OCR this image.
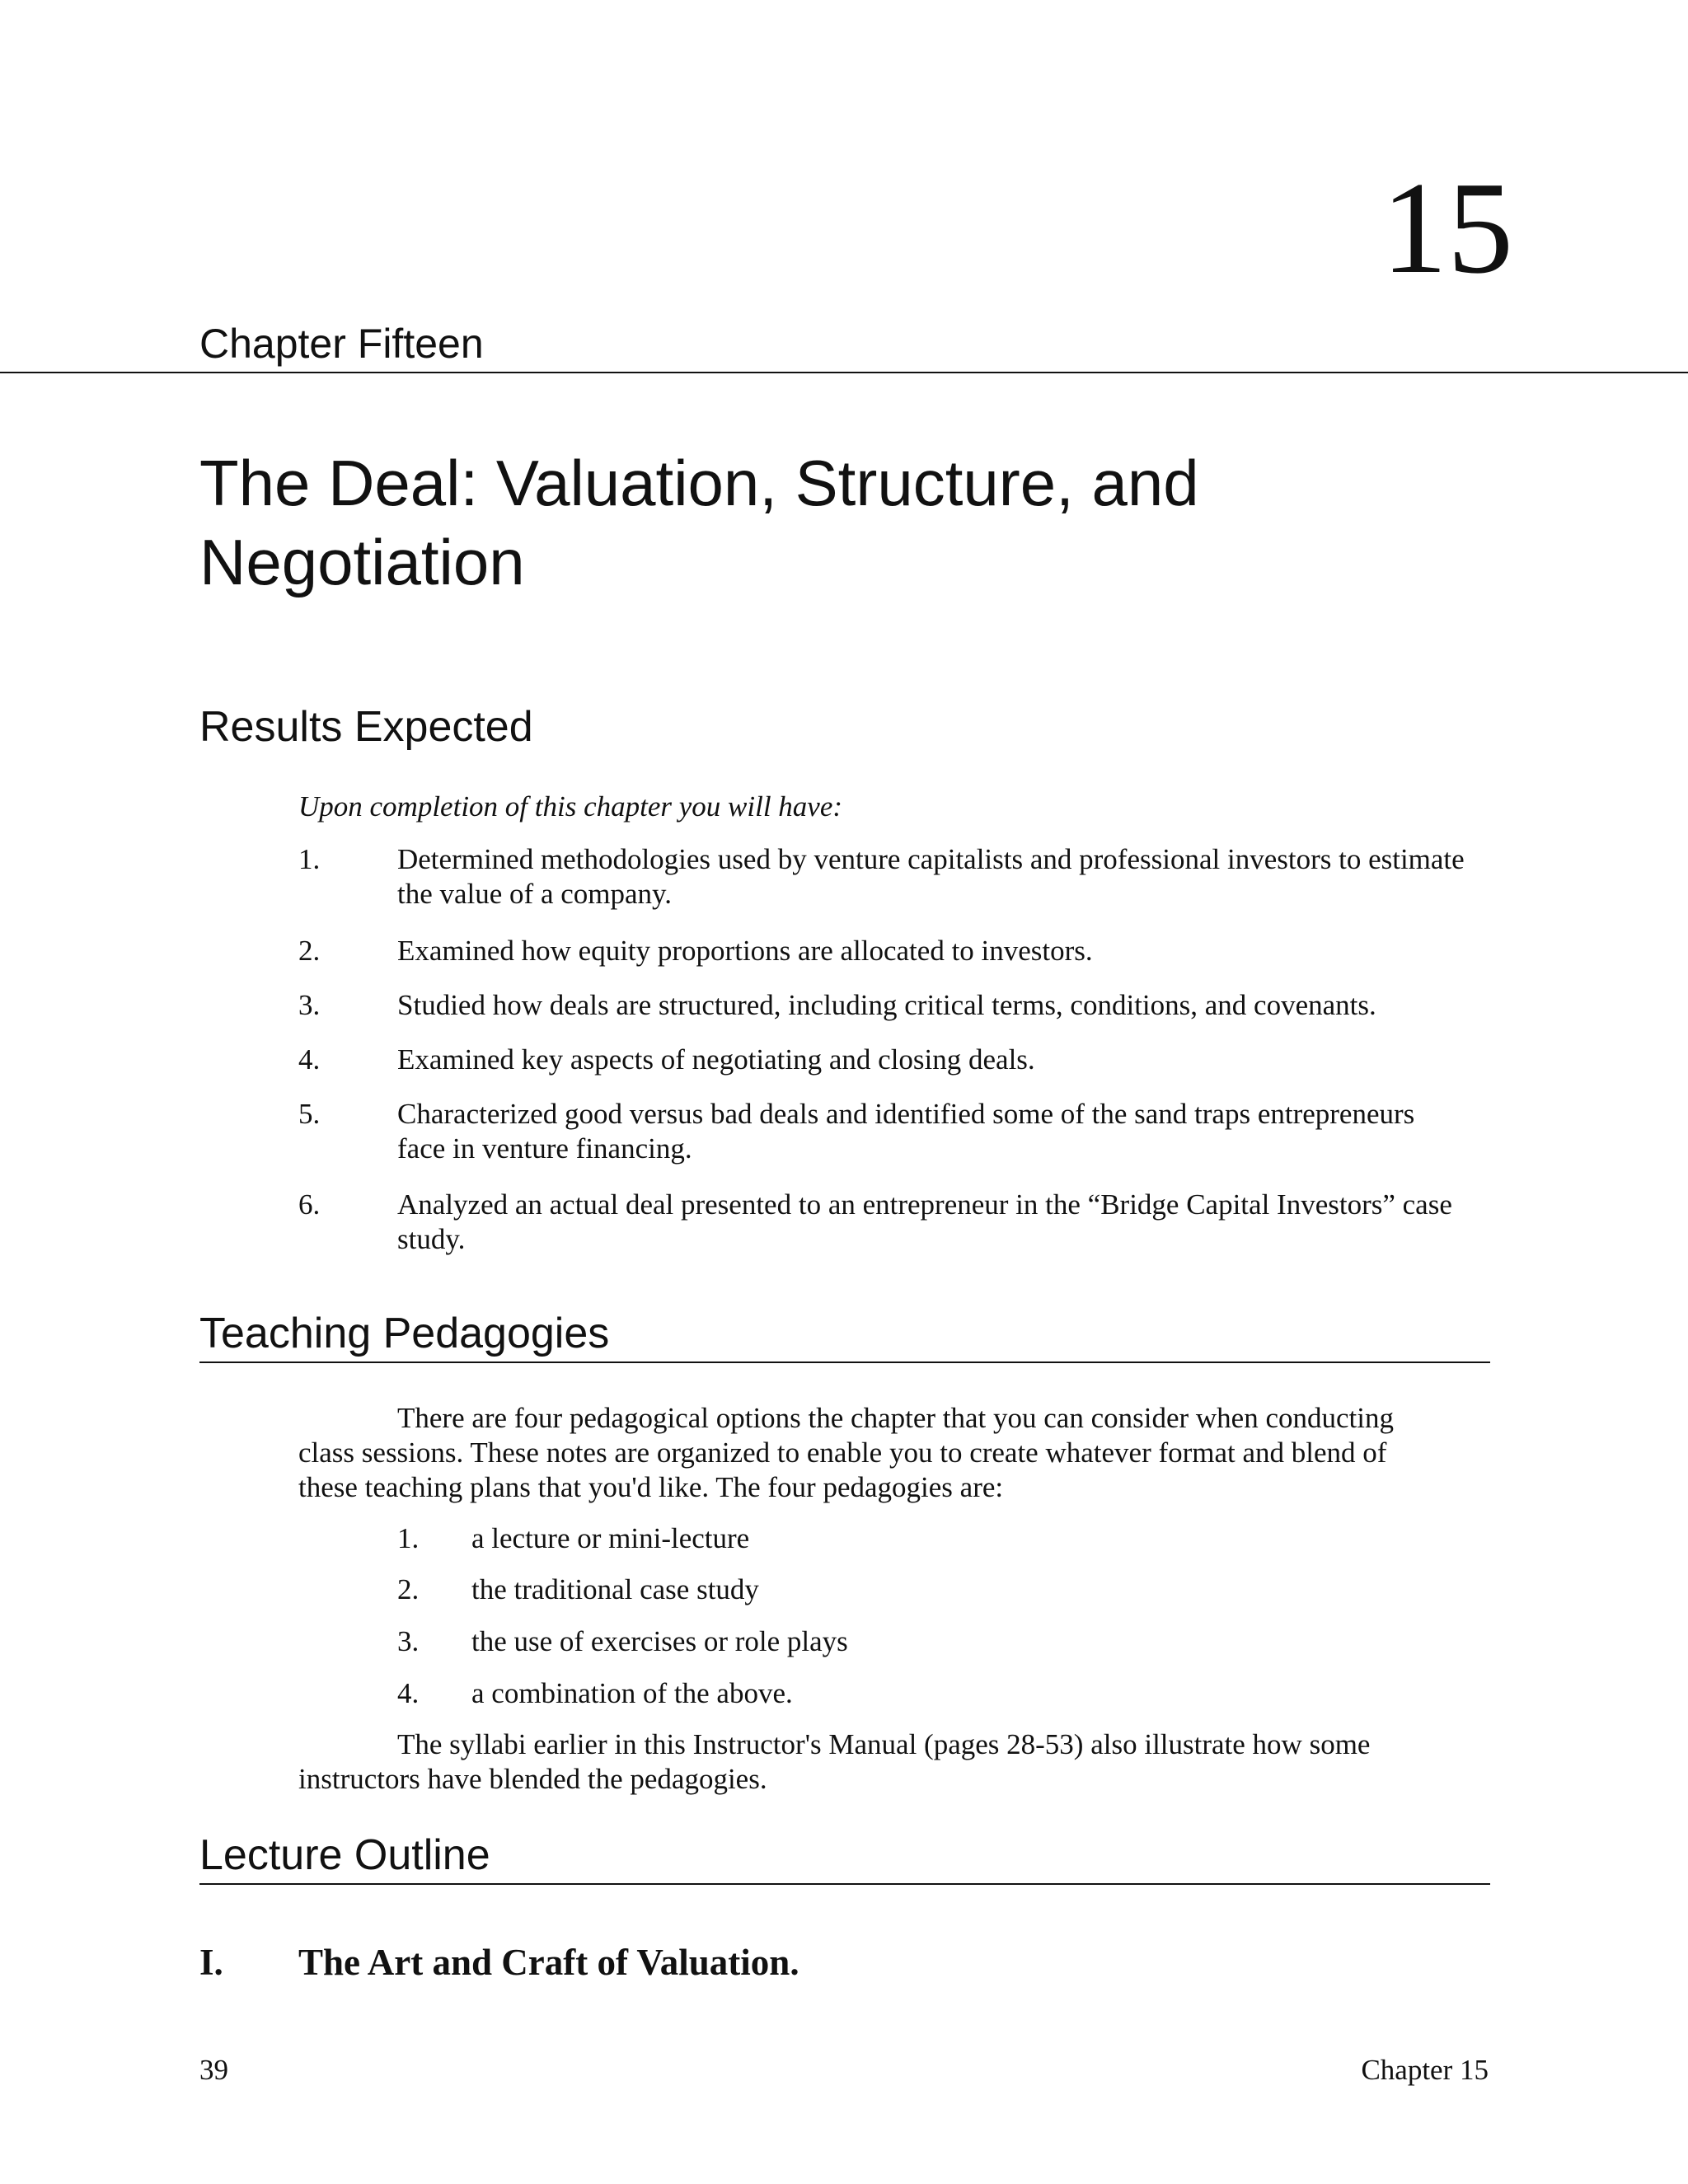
15
Chapter Fifteen
The Deal: Valuation, Structure, and Negotiation
Results Expected
Upon completion of this chapter you will have:
1.	Determined methodologies used by venture capitalists and professional investors to estimate the value of a company.
2.	Examined how equity proportions are allocated to investors.
3.	Studied how deals are structured, including critical terms, conditions, and covenants.
4.	Examined key aspects of negotiating and closing deals.
5.	Characterized good versus bad deals and identified some of the sand traps entrepreneurs face in venture financing.
6.	Analyzed an actual deal presented to an entrepreneur in the “Bridge Capital Investors” case study.
Teaching Pedagogies
There are four pedagogical options the chapter that you can consider when conducting class sessions. These notes are organized to enable you to create whatever format and blend of these teaching plans that you'd like. The four pedagogies are:
1. a lecture or mini-lecture
2. the traditional case study
3. the use of exercises or role plays
4. a combination of the above.
The syllabi earlier in this Instructor's Manual (pages 28-53) also illustrate how some instructors have blended the pedagogies.
Lecture Outline
I. The Art and Craft of Valuation.
39	Chapter 15
